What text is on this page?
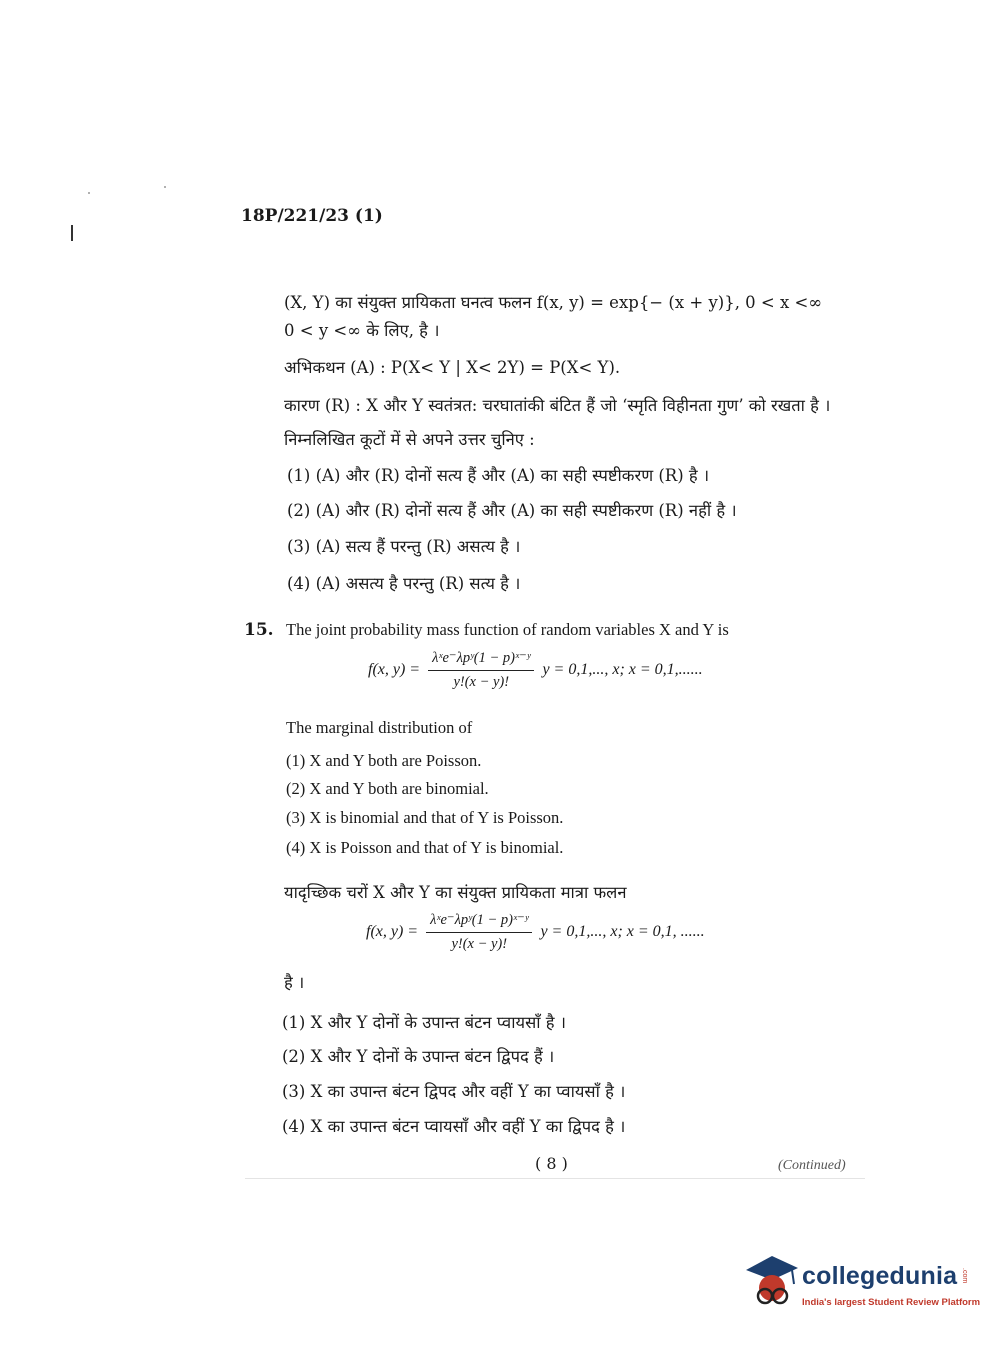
18P/221/23 (1)
(X, Y) का संयुक्त प्रायिकता घनत्व फलन f(x, y) = exp{− (x + y)}, 0 < x <∞
0 < y <∞ के लिए, है ।
अभिकथन (A) : P(X< Y | X< 2Y) = P(X< Y).
कारण (R) : X और Y स्वतंत्रत: चरघातांकी बंटित हैं जो ‘स्मृति विहीनता गुण’ को रखता है ।
निम्नलिखित कूटों में से अपने उत्तर चुनिए :
(1) (A) और (R) दोनों सत्य हैं और (A) का सही स्पष्टीकरण (R) है ।
(2) (A) और (R) दोनों सत्य हैं और (A) का सही स्पष्टीकरण (R) नहीं है ।
(3) (A) सत्य हैं परन्तु (R) असत्य है ।
(4) (A) असत्य है परन्तु (R) सत्य है ।
15. The joint probability mass function of random variables X and Y is
f(x, $y) = \frac{\text{λˣe⁻λpʸ(1 − p)ˣ⁻ʸ}}{y!(x - y)!}$ y = 0,1,..., x; x = 0,1,......
The marginal distribution of
(1) X and Y both are Poisson.
(2) X and Y both are binomial.
(3) X is binomial and that of Y is Poisson.
(4) X is Poisson and that of Y is binomial.
यादृच्छिक चरों X और Y का संयुक्त प्रायिकता मात्रा फलन
f(x, $y) = \frac{\text{λˣe⁻λpʸ(1 − p)ˣ⁻ʸ}}{y!(x - y)!}$ y = 0,1,..., x; x = 0,1, ......
है ।
(1) X और Y दोनों के उपान्त बंटन प्वायसाँ है ।
(2) X और Y दोनों के उपान्त बंटन द्विपद हैं ।
(3) X का उपान्त बंटन द्विपद और वहीं Y का प्वायसाँ है ।
(4) X का उपान्त बंटन प्वायसाँ और वहीं Y का द्विपद है ।
( 8 )	(Continued)
collegedunia .com
India's largest Student Review Platform
